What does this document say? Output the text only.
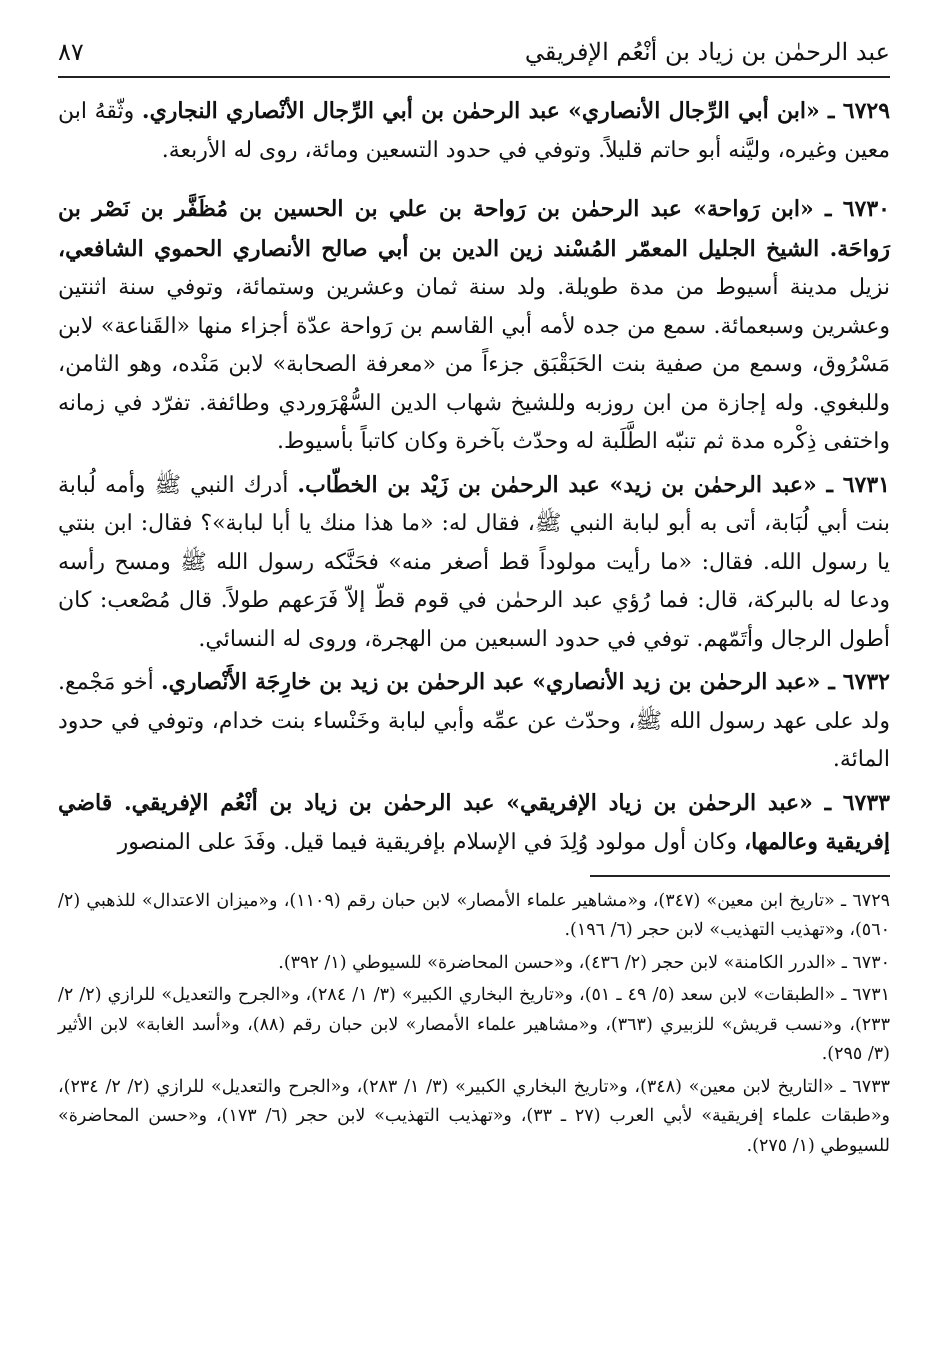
عبد الرحمٰن بن زياد بن أنْعُم الإفريقي
٨٧

٦٧٢٩ ـ «ابن أبي الرِّجال الأنصاري» عبد الرحمٰن بن أبي الرِّجال الأنْصاري النجاري. وثّقهُ ابن معين وغيره، وليَّنه أبو حاتم قليلاً. وتوفي في حدود التسعين ومائة، روى له الأربعة.

٦٧٣٠ ـ «ابن رَواحة» عبد الرحمٰن بن رَواحة بن علي بن الحسين بن مُظَفَّر بن نَصْر بن رَواحَة. الشيخ الجليل المعمّر المُسْند زين الدين بن أبي صالح الأنصاري الحموي الشافعي، نزيل مدينة أسيوط من مدة طويلة. ولد سنة ثمان وعشرين وستمائة، وتوفي سنة اثنتين وعشرين وسبعمائة. سمع من جده لأمه أبي القاسم بن رَواحة عدّة أجزاء منها «القَناعة» لابن مَسْرُوق، وسمع من صفية بنت الحَبَقْبَق جزءاً من «معرفة الصحابة» لابن مَنْده، وهو الثامن، وللبغوي. وله إجازة من ابن روزبه وللشيخ شهاب الدين السُّهْرَوردي وطائفة. تفرّد في زمانه واختفى ذِكْره مدة ثم تنبّه الطَّلَبة له وحدّث بآخرة وكان كاتباً بأسيوط.

٦٧٣١ ـ «عبد الرحمٰن بن زيد» عبد الرحمٰن بن زَيْد بن الخطّاب. أدرك النبي ﷺ وأمه لُبابة بنت أبي لُبَابة، أتى به أبو لبابة النبي ﷺ، فقال له: «ما هذا منك يا أبا لبابة»؟ فقال: ابن بنتي يا رسول الله. فقال: «ما رأيت مولوداً قط أصغر منه» فحَنَّكه رسول الله ﷺ ومسح رأسه ودعا له بالبركة، قال: فما رُؤي عبد الرحمٰن في قوم قطّ إلاّ فَرَعهم طولاً. قال مُصْعب: كان أطول الرجال وأتَمّهم. توفي في حدود السبعين من الهجرة، وروى له النسائي.

٦٧٣٢ ـ «عبد الرحمٰن بن زيد الأنصاري» عبد الرحمٰن بن زيد بن خارِجَة الأَنْصاري. أخو مَجْمع. ولد على عهد رسول الله ﷺ، وحدّث عن عمِّه وأبي لبابة وخَنْساء بنت خدام، وتوفي في حدود المائة.

٦٧٣٣ ـ «عبد الرحمٰن بن زياد الإفريقي» عبد الرحمٰن بن زياد بن أنْعُم الإفريقي. قاضي إفريقية وعالمها، وكان أول مولود وُلِدَ في الإسلام بإفريقية فيما قيل. وفَدَ على المنصور

٦٧٢٩ ـ «تاريخ ابن معين» (٣٤٧)، و«مشاهير علماء الأمصار» لابن حبان رقم (١١٠٩)، و«ميزان الاعتدال» للذهبي (٢/ ٥٦٠)، و«تهذيب التهذيب» لابن حجر (٦/ ١٩٦).

٦٧٣٠ ـ «الدرر الكامنة» لابن حجر (٢/ ٤٣٦)، و«حسن المحاضرة» للسيوطي (١/ ٣٩٢).

٦٧٣١ ـ «الطبقات» لابن سعد (٥/ ٤٩ ـ ٥١)، و«تاريخ البخاري الكبير» (٣/ ١/ ٢٨٤)، و«الجرح والتعديل» للرازي (٢/ ٢/ ٢٣٣)، و«نسب قريش» للزبيري (٣٦٣)، و«مشاهير علماء الأمصار» لابن حبان رقم (٨٨)، و«أسد الغابة» لابن الأثير (٣/ ٢٩٥).

٦٧٣٣ ـ «التاريخ لابن معين» (٣٤٨)، و«تاريخ البخاري الكبير» (٣/ ١/ ٢٨٣)، و«الجرح والتعديل» للرازي (٢/ ٢/ ٢٣٤)، و«طبقات علماء إفريقية» لأبي العرب (٢٧ ـ ٣٣)، و«تهذيب التهذيب» لابن حجر (٦/ ١٧٣)، و«حسن المحاضرة» للسيوطي (١/ ٢٧٥).
